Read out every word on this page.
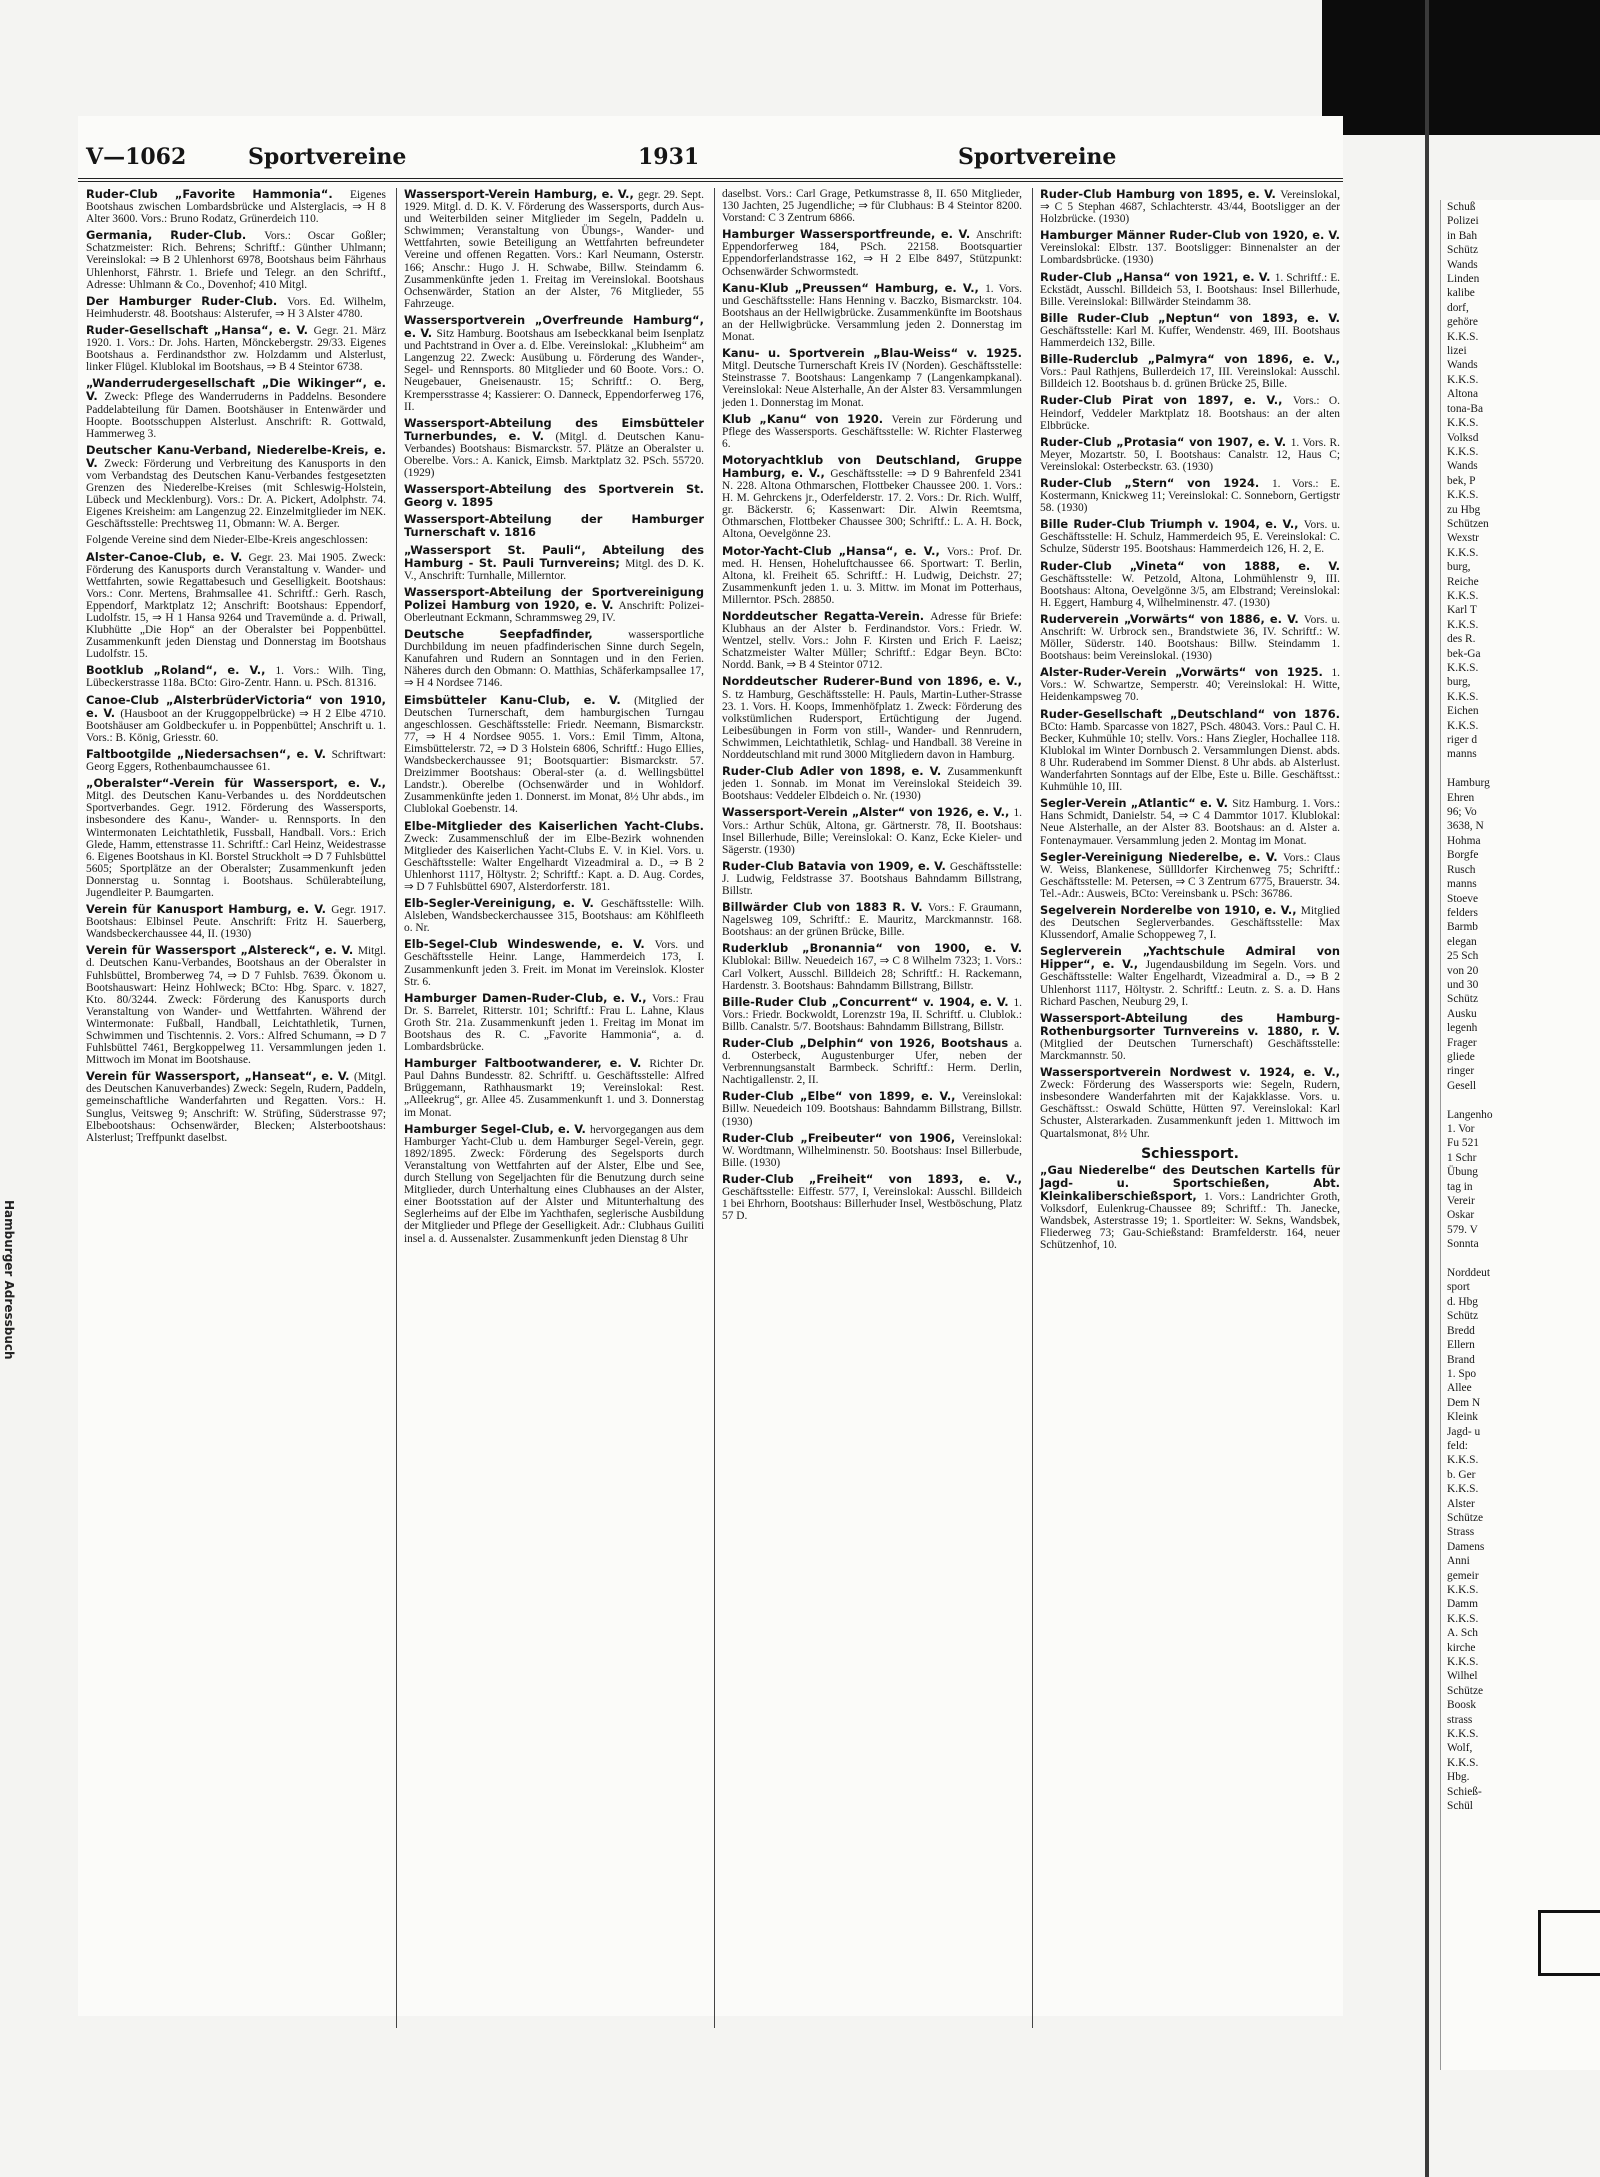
Hamburger Adressbuch
V—1062	Sportvereine	1931	Sportvereine
Ruder-Club „Favorite Hammonia“. Eigenes Bootshaus zwischen Lombardsbrücke und Alsterglacis, ⇒ H 8 Alter 3600. Vors.: Bruno Rodatz, Grünerdeich 110.
Germania, Ruder-Club. Vors.: Oscar Goßler; Schatzmeister: Rich. Behrens; Schriftf.: Günther Uhlmann; Vereinslokal: ⇒ B 2 Uhlenhorst 6978, Bootshaus beim Fährhaus Uhlenhorst, Fährstr. 1. Briefe und Telegr. an den Schriftf., Adresse: Uhlmann & Co., Dovenhof; 410 Mitgl.
Der Hamburger Ruder-Club. Vors. Ed. Wilhelm, Heimhuderstr. 48. Bootshaus: Alsterufer, ⇒ H 3 Alster 4780.
Ruder-Gesellschaft „Hansa“, e. V. Gegr. 21. März 1920. 1. Vors.: Dr. Johs. Harten, Mönckebergstr. 29/33. Eigenes Bootshaus a. Ferdinandsthor zw. Holzdamm und Alsterlust, linker Flügel. Klublokal im Bootshaus, ⇒ B 4 Steintor 6738.
„Wanderrudergesellschaft „Die Wikinger“, e. V. Zweck: Pflege des Wanderruderns in Paddelns. Besondere Paddelabteilung für Damen. Bootshäuser in Entenwärder und Hoopte. Bootsschuppen Alsterlust. Anschrift: R. Gottwald, Hammerweg 3.
Deutscher Kanu-Verband, Niederelbe-Kreis, e. V. Zweck: Förderung und Verbreitung des Kanusports in den vom Verbandstag des Deutschen Kanu-Verbandes festgesetzten Grenzen des Niederelbe-Kreises (mit Schleswig-Holstein, Lübeck und Mecklenburg). Vors.: Dr. A. Pickert, Adolphstr. 74. Eigenes Kreisheim: am Langenzug 22. Einzelmitglieder im NEK. Geschäftsstelle: Prechtsweg 11, Obmann: W. A. Berger.
Folgende Vereine sind dem Nieder-Elbe-Kreis angeschlossen:
Alster-Canoe-Club, e. V. Gegr. 23. Mai 1905. Zweck: Förderung des Kanusports durch Veranstaltung v. Wander- und Wettfahrten, sowie Regattabesuch und Geselligkeit. Bootshaus: Vors.: Conr. Mertens, Brahmsallee 41. Schriftf.: Gerh. Rasch, Eppendorf, Marktplatz 12; Anschrift: Bootshaus: Eppendorf, Ludolfstr. 15, ⇒ H 1 Hansa 9264 und Travemünde a. d. Priwall, Klubhütte „Die Hop“ an der Oberalster bei Poppenbüttel. Zusammenkunft jeden Dienstag und Donnerstag im Bootshaus Ludolfstr. 15.
Bootklub „Roland“, e. V., 1. Vors.: Wilh. Ting, Lübeckerstrasse 118a. BCto: Giro-Zentr. Hann. u. PSch. 81316.
Canoe-Club „AlsterbrüderVictoria“ von 1910, e. V. (Hausboot an der Kruggoppelbrücke) ⇒ H 2 Elbe 4710. Bootshäuser am Goldbeckufer u. in Poppenbüttel; Anschrift u. 1. Vors.: B. König, Griesstr. 60.
Faltbootgilde „Niedersachsen“, e. V. Schriftwart: Georg Eggers, Rothenbaumchaussee 61.
„Oberalster“-Verein für Wassersport, e. V., Mitgl. des Deutschen Kanu-Verbandes u. des Norddeutschen Sportverbandes. Gegr. 1912. Förderung des Wassersports, insbesondere des Kanu-, Wander- u. Rennsports. In den Wintermonaten Leichtathletik, Fussball, Handball. Vors.: Erich Glede, Hamm, ettenstrasse 11. Schriftf.: Carl Heinz, Weidestrasse 6. Eigenes Bootshaus in Kl. Borstel Struckholt ⇒ D 7 Fuhlsbüttel 5605; Sportplätze an der Oberalster; Zusammenkunft jeden Donnerstag u. Sonntag i. Bootshaus. Schülerabteilung, Jugendleiter P. Baumgarten.
Verein für Kanusport Hamburg, e. V. Gegr. 1917. Bootshaus: Elbinsel Peute. Anschrift: Fritz H. Sauerberg, Wandsbeckerchaussee 44, II. (1930)
Verein für Wassersport „Alstereck“, e. V. Mitgl. d. Deutschen Kanu-Verbandes, Bootshaus an der Oberalster in Fuhlsbüttel, Bromberweg 74, ⇒ D 7 Fuhlsb. 7639. Ökonom u. Bootshauswart: Heinz Hohlweck; BCto: Hbg. Sparc. v. 1827, Kto. 80/3244. Zweck: Förderung des Kanusports durch Veranstaltung von Wander- und Wettfahrten. Während der Wintermonate: Fußball, Handball, Leichtathletik, Turnen, Schwimmen und Tischtennis. 2. Vors.: Alfred Schumann, ⇒ D 7 Fuhlsbüttel 7461, Bergkoppelweg 11. Versammlungen jeden 1. Mittwoch im Monat im Bootshause.
Verein für Wassersport, „Hanseat“, e. V. (Mitgl. des Deutschen Kanuverbandes) Zweck: Segeln, Rudern, Paddeln, gemeinschaftliche Wanderfahrten und Regatten. Vors.: H. Sunglus, Veitsweg 9; Anschrift: W. Strüfing, Süderstrasse 97; Elbebootshaus: Ochsenwärder, Blecken; Alsterbootshaus: Alsterlust; Treffpunkt daselbst.
Wassersport-Verein Hamburg, e. V., gegr. 29. Sept. 1929. Mitgl. d. D. K. V. Förderung des Wassersports, durch Aus- und Weiterbilden seiner Mitglieder im Segeln, Paddeln u. Schwimmen; Veranstaltung von Übungs-, Wander- und Wettfahrten, sowie Beteiligung an Wettfahrten befreundeter Vereine und offenen Regatten. Vors.: Karl Neumann, Osterstr. 166; Anschr.: Hugo J. H. Schwabe, Billw. Steindamm 6. Zusammenkünfte jeden 1. Freitag im Vereinslokal. Bootshaus Ochsenwärder, Station an der Alster, 76 Mitglieder, 55 Fahrzeuge.
Wassersportverein „Overfreunde Hamburg“, e. V. Sitz Hamburg. Bootshaus am Isebeckkanal beim Isenplatz und Pachtstrand in Over a. d. Elbe. Vereinslokal: „Klubheim“ am Langenzug 22. Zweck: Ausübung u. Förderung des Wander-, Segel- und Rennsports. 80 Mitglieder und 60 Boote. Vors.: O. Neugebauer, Gneisenaustr. 15; Schriftf.: O. Berg, Krempersstrasse 4; Kassierer: O. Danneck, Eppendorferweg 176, II.
Wassersport-Abteilung des Eimsbütteler Turnerbundes, e. V. (Mitgl. d. Deutschen Kanu-Verbandes) Bootshaus: Bismarckstr. 57. Plätze an Oberalster u. Oberelbe. Vors.: A. Kanick, Eimsb. Marktplatz 32. PSch. 55720. (1929)
Wassersport-Abteilung des Sportverein St. Georg v. 1895
Wassersport-Abteilung der Hamburger Turnerschaft v. 1816
„Wassersport St. Pauli“, Abteilung des Hamburg - St. Pauli Turnvereins; Mitgl. des D. K. V., Anschrift: Turnhalle, Millerntor.
Wassersport-Abteilung der Sportvereinigung Polizei Hamburg von 1920, e. V. Anschrift: Polizei-Oberleutnant Eckmann, Schrammsweg 29, IV.
Deutsche Seepfadfinder, wassersportliche Durchbildung im neuen pfadfinderischen Sinne durch Segeln, Kanufahren und Rudern an Sonntagen und in den Ferien. Näheres durch den Obmann: O. Matthias, Schäferkampsallee 17, ⇒ H 4 Nordsee 7146.
Eimsbütteler Kanu-Club, e. V. (Mitglied der Deutschen Turnerschaft, dem hamburgischen Turngau angeschlossen. Geschäftsstelle: Friedr. Neemann, Bismarckstr. 77, ⇒ H 4 Nordsee 9055. 1. Vors.: Emil Timm, Altona, Eimsbüttelerstr. 72, ⇒ D 3 Holstein 6806, Schriftf.: Hugo Ellies, Wandsbeckerchaussee 91; Bootsquartier: Bismarckstr. 57. Dreizimmer Bootshaus: Oberal-ster (a. d. Wellingsbüttel Landstr.). Oberelbe (Ochsenwärder und in Wohldorf. Zusammenkünfte jeden 1. Donnerst. im Monat, 8½ Uhr abds., im Clublokal Goebenstr. 14.
Elbe-Mitglieder des Kaiserlichen Yacht-Clubs. Zweck: Zusammenschluß der im Elbe-Bezirk wohnenden Mitglieder des Kaiserlichen Yacht-Clubs E. V. in Kiel. Vors. u. Geschäftsstelle: Walter Engelhardt Vizeadmiral a. D., ⇒ B 2 Uhlenhorst 1117, Höltystr. 2; Schriftf.: Kapt. a. D. Aug. Cordes, ⇒ D 7 Fuhlsbüttel 6907, Alsterdorferstr. 181.
Elb-Segler-Vereinigung, e. V. Geschäftsstelle: Wilh. Alsleben, Wandsbeckerchaussee 315, Bootshaus: am Köhlfleeth o. Nr.
Elb-Segel-Club Windeswende, e. V. Vors. und Geschäftsstelle Heinr. Lange, Hammerdeich 173, I. Zusammenkunft jeden 3. Freit. im Monat im Vereinslok. Kloster Str. 6.
Hamburger Damen-Ruder-Club, e. V., Vors.: Frau Dr. S. Barrelet, Ritterstr. 101; Schriftf.: Frau L. Lahne, Klaus Groth Str. 21a. Zusammenkunft jeden 1. Freitag im Monat im Bootshaus des R. C. „Favorite Hammonia“, a. d. Lombardsbrücke.
Hamburger Faltbootwanderer, e. V. Richter Dr. Paul Dahns Bundesstr. 82. Schriftf. u. Geschäftsstelle: Alfred Brüggemann, Rathhausmarkt 19; Vereinslokal: Rest. „Alleekrug“, gr. Allee 45. Zusammenkunft 1. und 3. Donnerstag im Monat.
Hamburger Segel-Club, e. V. hervorgegangen aus dem Hamburger Yacht-Club u. dem Hamburger Segel-Verein, gegr. 1892/1895. Zweck: Förderung des Segelsports durch Veranstaltung von Wettfahrten auf der Alster, Elbe und See, durch Stellung von Segeljachten für die Benutzung durch seine Mitglieder, durch Unterhaltung eines Clubhauses an der Alster, einer Bootsstation auf der Alster und Mitunterhaltung des Seglerheims auf der Elbe im Yachthafen, seglerische Ausbildung der Mitglieder und Pflege der Geselligkeit. Adr.: Clubhaus Guiliti insel a. d. Aussenalster. Zusammenkunft jeden Dienstag 8 Uhr
daselbst. Vors.: Carl Grage, Petkumstrasse 8, II. 650 Mitglieder, 130 Jachten, 25 Jugendliche; ⇒ für Clubhaus: B 4 Steintor 8200. Vorstand: C 3 Zentrum 6866.
Hamburger Wassersportfreunde, e. V. Anschrift: Eppendorferweg 184, PSch. 22158. Bootsquartier Eppendorferlandstrasse 162, ⇒ H 2 Elbe 8497, Stützpunkt: Ochsenwärder Schwormstedt.
Kanu-Klub „Preussen“ Hamburg, e. V., 1. Vors. und Geschäftsstelle: Hans Henning v. Baczko, Bismarckstr. 104. Bootshaus an der Hellwigbrücke. Zusammenkünfte im Bootshaus an der Hellwigbrücke. Versammlung jeden 2. Donnerstag im Monat.
Kanu- u. Sportverein „Blau-Weiss“ v. 1925. Mitgl. Deutsche Turnerschaft Kreis IV (Norden). Geschäftsstelle: Steinstrasse 7. Bootshaus: Langenkamp 7 (Langenkampkanal). Vereinslokal: Neue Alsterhalle, An der Alster 83. Versammlungen jeden 1. Donnerstag im Monat.
Klub „Kanu“ von 1920. Verein zur Förderung und Pflege des Wassersports. Geschäftsstelle: W. Richter Flasterweg 6.
Motoryachtklub von Deutschland, Gruppe Hamburg, e. V., Geschäftsstelle: ⇒ D 9 Bahrenfeld 2341 N. 228. Altona Othmarschen, Flottbeker Chaussee 200. 1. Vors.: H. M. Gehrckens jr., Oderfelderstr. 17. 2. Vors.: Dr. Rich. Wulff, gr. Bäckerstr. 6; Kassenwart: Dir. Alwin Reemtsma, Othmarschen, Flottbeker Chaussee 300; Schriftf.: L. A. H. Bock, Altona, Oevelgönne 23.
Motor-Yacht-Club „Hansa“, e. V., Vors.: Prof. Dr. med. H. Hensen, Hoheluftchaussee 66. Sportwart: T. Berlin, Altona, kl. Freiheit 65. Schriftf.: H. Ludwig, Deichstr. 27; Zusammenkunft jeden 1. u. 3. Mittw. im Monat im Potterhaus, Millerntor. PSch. 28850.
Norddeutscher Regatta-Verein. Adresse für Briefe: Klubhaus an der Alster b. Ferdinandstor. Vors.: Friedr. W. Wentzel, stellv. Vors.: John F. Kirsten und Erich F. Laeisz; Schatzmeister Walter Müller; Schriftf.: Edgar Beyn. BCto: Nordd. Bank, ⇒ B 4 Steintor 0712.
Norddeutscher Ruderer-Bund von 1896, e. V., S. tz Hamburg, Geschäftsstelle: H. Pauls, Martin-Luther-Strasse 23. 1. Vors. H. Koops, Immenhöfplatz 1. Zweck: Förderung des volkstümlichen Rudersport, Ertüchtigung der Jugend. Leibesübungen in Form von still-, Wander- und Rennrudern, Schwimmen, Leichtathletik, Schlag- und Handball. 38 Vereine in Norddeutschland mit rund 3000 Mitgliedern davon in Hamburg.
Ruder-Club Adler von 1898, e. V. Zusammenkunft jeden 1. Sonnab. im Monat im Vereinslokal Steideich 39. Bootshaus: Veddeler Elbdeich o. Nr. (1930)
Wassersport-Verein „Alster“ von 1926, e. V., 1. Vors.: Arthur Schük, Altona, gr. Gärtnerstr. 78, II. Bootshaus: Insel Billerhude, Bille; Vereinslokal: O. Kanz, Ecke Kieler- und Sägerstr. (1930)
Ruder-Club Batavia von 1909, e. V. Geschäftsstelle: J. Ludwig, Feldstrasse 37. Bootshaus Bahndamm Billstrang, Billstr.
Billwärder Club von 1883 R. V. Vors.: F. Graumann, Nagelsweg 109, Schriftf.: E. Mauritz, Marckmannstr. 168. Bootshaus: an der grünen Brücke, Bille.
Ruderklub „Bronannia“ von 1900, e. V. Klublokal: Billw. Neuedeich 167, ⇒ C 8 Wilhelm 7323; 1. Vors.: Carl Volkert, Ausschl. Billdeich 28; Schriftf.: H. Rackemann, Hardenstr. 3. Bootshaus: Bahndamm Billstrang, Billstr.
Bille-Ruder Club „Concurrent“ v. 1904, e. V. 1. Vors.: Friedr. Bockwoldt, Lorenzstr 19a, II. Schriftf. u. Clublok.: Billb. Canalstr. 5/7. Bootshaus: Bahndamm Billstrang, Billstr.
Ruder-Club „Delphin“ von 1926, Bootshaus a. d. Osterbeck, Augustenburger Ufer, neben der Verbrennungsanstalt Barmbeck. Schriftf.: Herm. Derlin, Nachtigallenstr. 2, II.
Ruder-Club „Elbe“ von 1899, e. V., Vereinslokal: Billw. Neuedeich 109. Bootshaus: Bahndamm Billstrang, Billstr. (1930)
Ruder-Club „Freibeuter“ von 1906, Vereinslokal: W. Wordtmann, Wilhelminenstr. 50. Bootshaus: Insel Billerbude, Bille. (1930)
Ruder-Club „Freiheit“ von 1893, e. V., Geschäftsstelle: Eiffestr. 577, I, Vereinslokal: Ausschl. Billdeich 1 bei Ehrhorn, Bootshaus: Billerhuder Insel, Westböschung, Platz 57 D.
Ruder-Club Hamburg von 1895, e. V. Vereinslokal, ⇒ C 5 Stephan 4687, Schlachterstr. 43/44, Bootsligger an der Holzbrücke. (1930)
Hamburger Männer Ruder-Club von 1920, e. V. Vereinslokal: Elbstr. 137. Bootsligger: Binnenalster an der Lombardsbrücke. (1930)
Ruder-Club „Hansa“ von 1921, e. V. 1. Schriftf.: E. Eckstädt, Ausschl. Billdeich 53, I. Bootshaus: Insel Billerhude, Bille. Vereinslokal: Billwärder Steindamm 38.
Bille Ruder-Club „Neptun“ von 1893, e. V. Geschäftsstelle: Karl M. Kuffer, Wendenstr. 469, III. Bootshaus Hammerdeich 132, Bille.
Bille-Ruderclub „Palmyra“ von 1896, e. V., Vors.: Paul Rathjens, Bullerdeich 17, III. Vereinslokal: Ausschl. Billdeich 12. Bootshaus b. d. grünen Brücke 25, Bille.
Ruder-Club Pirat von 1897, e. V., Vors.: O. Heindorf, Veddeler Marktplatz 18. Bootshaus: an der alten Elbbrücke.
Ruder-Club „Protasia“ von 1907, e. V. 1. Vors. R. Meyer, Mozartstr. 50, I. Bootshaus: Canalstr. 12, Haus C; Vereinslokal: Osterbeckstr. 63. (1930)
Ruder-Club „Stern“ von 1924. 1. Vors.: E. Kostermann, Knickweg 11; Vereinslokal: C. Sonneborn, Gertigstr 58. (1930)
Bille Ruder-Club Triumph v. 1904, e. V., Vors. u. Geschäftsstelle: H. Schulz, Hammerdeich 95, E. Vereinslokal: C. Schulze, Süderstr 195. Bootshaus: Hammerdeich 126, H. 2, E.
Ruder-Club „Vineta“ von 1888, e. V. Geschäftsstelle: W. Petzold, Altona, Lohmühlenstr 9, III. Bootshaus: Altona, Oevelgönne 3/5, am Elbstrand; Vereinslokal: H. Eggert, Hamburg 4, Wilhelminenstr. 47. (1930)
Ruderverein „Vorwärts“ von 1886, e. V. Vors. u. Anschrift: W. Urbrock sen., Brandstwiete 36, IV. Schriftf.: W. Möller, Süderstr. 140. Bootshaus: Billw. Steindamm 1. Bootshaus: beim Vereinslokal. (1930)
Alster-Ruder-Verein „Vorwärts“ von 1925. 1. Vors.: W. Schwartze, Semperstr. 40; Vereinslokal: H. Witte, Heidenkampsweg 70.
Ruder-Gesellschaft „Deutschland“ von 1876. BCto: Hamb. Sparcasse von 1827, PSch. 48043. Vors.: Paul C. H. Becker, Kuhmühle 10; stellv. Vors.: Hans Ziegler, Hochallee 118. Klublokal im Winter Dornbusch 2. Versammlungen Dienst. abds. 8 Uhr. Ruderabend im Sommer Dienst. 8 Uhr abds. ab Alsterlust. Wanderfahrten Sonntags auf der Elbe, Este u. Bille. Geschäftsst.: Kuhmühle 10, III.
Segler-Verein „Atlantic“ e. V. Sitz Hamburg. 1. Vors.: Hans Schmidt, Danielstr. 54, ⇒ C 4 Dammtor 1017. Klublokal: Neue Alsterhalle, an der Alster 83. Bootshaus: an d. Alster a. Fontenaymauer. Versammlung jeden 2. Montag im Monat.
Segler-Vereinigung Niederelbe, e. V. Vors.: Claus W. Weiss, Blankenese, Süllldorfer Kirchenweg 75; Schriftf.: Geschäftsstelle: M. Petersen, ⇒ C 3 Zentrum 6775, Brauerstr. 34. Tel.-Adr.: Ausweis, BCto: Vereinsbank u. PSch: 36786.
Segelverein Norderelbe von 1910, e. V., Mitglied des Deutschen Seglerverbandes. Geschäftsstelle: Max Klussendorf, Amalie Schoppeweg 7, I.
Seglerverein „Yachtschule Admiral von Hipper“, e. V., Jugendausbildung im Segeln. Vors. und Geschäftsstelle: Walter Engelhardt, Vizeadmiral a. D., ⇒ B 2 Uhlenhorst 1117, Höltystr. 2. Schriftf.: Leutn. z. S. a. D. Hans Richard Paschen, Neuburg 29, I.
Wassersport-Abteilung des Hamburg-Rothenburgsorter Turnvereins v. 1880, r. V. (Mitglied der Deutschen Turnerschaft) Geschäftsstelle: Marckmannstr. 50.
Wassersportverein Nordwest v. 1924, e. V., Zweck: Förderung des Wassersports wie: Segeln, Rudern, insbesondere Wanderfahrten mit der Kajakklasse. Vors. u. Geschäftsst.: Oswald Schütte, Hütten 97. Vereinslokal: Karl Schuster, Alsterarkaden. Zusammenkunft jeden 1. Mittwoch im Quartalsmonat, 8½ Uhr.
Schiessport.
„Gau Niederelbe“ des Deutschen Kartells für Jagd- u. Sportschießen, Abt. Kleinkaliberschießsport, 1. Vors.: Landrichter Groth, Volksdorf, Eulenkrug-Chaussee 89; Schriftf.: Th. Janecke, Wandsbek, Asterstrasse 19; 1. Sportleiter: W. Sekns, Wandsbek, Fliederweg 73; Gau-Schießstand: Bramfelderstr. 164, neuer Schützenhof, 10.
Schuß
Polizei
in Bah
Schütz
Wands
Linden
kalibe
dorf,
gehöre
K.K.S.
lizei
Wands
K.K.S.
Altona
tona-Ba
K.K.S.
Volksd
K.K.S.
Wands
bek, P
K.K.S.
zu Hbg
Schützen
Wexstr
K.K.S.
burg,
Reiche
K.K.S.
Karl T
K.K.S.
des R.
bek-Ga
K.K.S.
burg,
K.K.S.
Eichen
K.K.S.
riger d
manns

Hamburg
Ehren
96; Vo
3638, N
Hohma
Borgfe
Rusch
manns
Stoeve
felders
Barmb
elegan
25 Sch
von 20
und 30
Schütz
Ausku
legenh
Frager
gliede
ringer
Gesell

Langenho
1. Vor
Fu 521
1 Schr
Übung
tag in
Vereir
Oskar
579. V
Sonnta

Norddeut
sport
d. Hbg
Schütz
Bredd
Ellern
Brand
1. Spo
Allee
Dem N
Kleink
Jagd- u
feld:
K.K.S.
b. Ger
K.K.S.
Alster
Schütze
Strass
Damens
Anni
gemeir
K.K.S.
Damm
K.K.S.
A. Sch
kirche
K.K.S.
Wilhel
Schütze
Boosk
strass
K.K.S.
Wolf,
K.K.S.
Hbg.
Schieß-
Schül
